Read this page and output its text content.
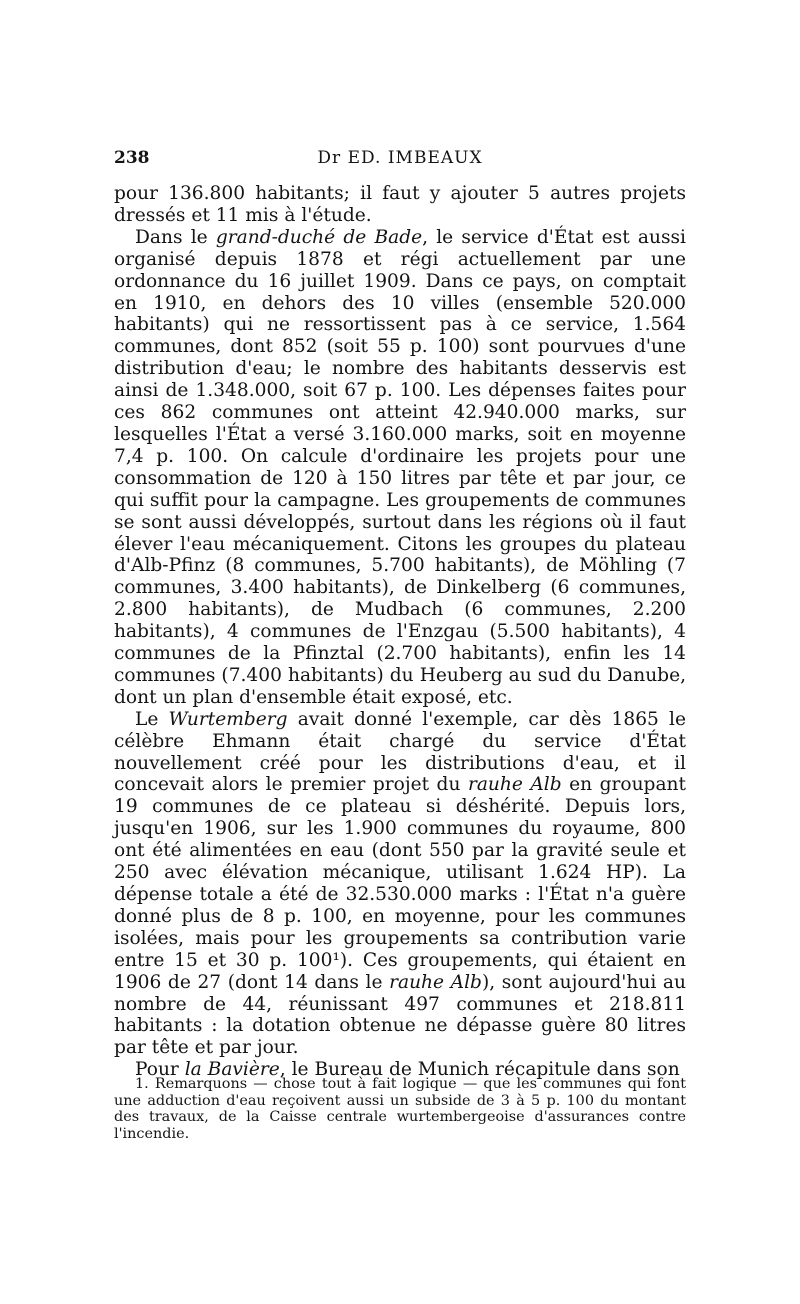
238	Dr ED. IMBEAUX

pour 136.800 habitants; il faut y ajouter 5 autres projets dressés et 11 mis à l'étude.

Dans le grand-duché de Bade, le service d'État est aussi organisé depuis 1878 et régi actuellement par une ordonnance du 16 juillet 1909. Dans ce pays, on comptait en 1910, en dehors des 10 villes (ensemble 520.000 habitants) qui ne ressortissent pas à ce service, 1.564 communes, dont 852 (soit 55 p. 100) sont pourvues d'une distribution d'eau; le nombre des habitants desservis est ainsi de 1.348.000, soit 67 p. 100. Les dépenses faites pour ces 862 communes ont atteint 42.940.000 marks, sur lesquelles l'État a versé 3.160.000 marks, soit en moyenne 7,4 p. 100. On calcule d'ordinaire les projets pour une consommation de 120 à 150 litres par tête et par jour, ce qui suffit pour la campagne. Les groupements de communes se sont aussi développés, surtout dans les régions où il faut élever l'eau mécaniquement. Citons les groupes du plateau d'Alb-Pfinz (8 communes, 5.700 habitants), de Möhling (7 communes, 3.400 habitants), de Dinkelberg (6 communes, 2.800 habitants), de Mudbach (6 communes, 2.200 habitants), 4 communes de l'Enzgau (5.500 habitants), 4 communes de la Pfinztal (2.700 habitants), enfin les 14 communes (7.400 habitants) du Heuberg au sud du Danube, dont un plan d'ensemble était exposé, etc.

Le Wurtemberg avait donné l'exemple, car dès 1865 le célèbre Ehmann était chargé du service d'État nouvellement créé pour les distributions d'eau, et il concevait alors le premier projet du rauhe Alb en groupant 19 communes de ce plateau si déshérité. Depuis lors, jusqu'en 1906, sur les 1.900 communes du royaume, 800 ont été alimentées en eau (dont 550 par la gravité seule et 250 avec élévation mécanique, utilisant 1.624 HP). La dépense totale a été de 32.530.000 marks : l'État n'a guère donné plus de 8 p. 100, en moyenne, pour les communes isolées, mais pour les groupements sa contribution varie entre 15 et 30 p. 100¹). Ces groupements, qui étaient en 1906 de 27 (dont 14 dans le rauhe Alb), sont aujourd'hui au nombre de 44, réunissant 497 communes et 218.811 habitants : la dotation obtenue ne dépasse guère 80 litres par tête et par jour.

Pour la Bavière, le Bureau de Munich récapitule dans son

1. Remarquons — chose tout à fait logique — que les communes qui font une adduction d'eau reçoivent aussi un subside de 3 à 5 p. 100 du montant des travaux, de la Caisse centrale wurtembergeoise d'assurances contre l'incendie.
